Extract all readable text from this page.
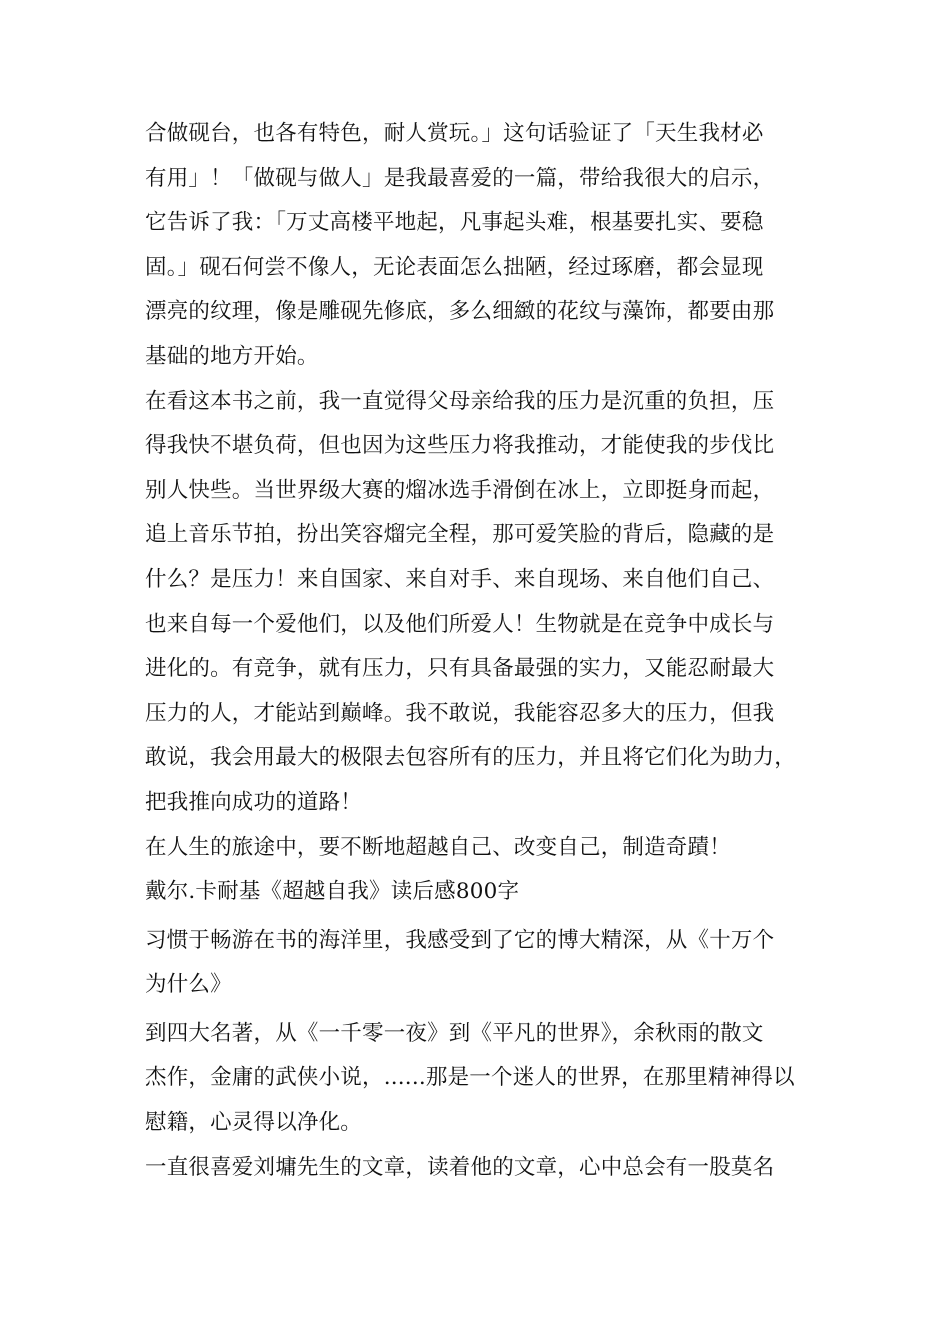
合做砚台，也各有特色，耐人赏玩。」这句话验证了「天生我材必
有用」！「做砚与做人」是我最喜爱的一篇，带给我很大的启示，
它告诉了我：「万丈高楼平地起，凡事起头难，根基要扎实、要稳
固。」砚石何尝不像人，无论表面怎么拙陋，经过琢磨，都会显现
漂亮的纹理，像是雕砚先修底，多么细緻的花纹与藻饰，都要由那
基础的地方开始。
在看这本书之前，我一直觉得父母亲给我的压力是沉重的负担，压
得我快不堪负荷，但也因为这些压力将我推动，才能使我的步伐比
别人快些。当世界级大赛的熘冰选手滑倒在冰上，立即挺身而起，
追上音乐节拍，扮出笑容熘完全程，那可爱笑脸的背后，隐藏的是
什么？是压力！来自国家、来自对手、来自现场、来自他们自己、
也来自每一个爱他们，以及他们所爱人！生物就是在竞争中成长与
进化的。有竞争，就有压力，只有具备最强的实力，又能忍耐最大
压力的人，才能站到巅峰。我不敢说，我能容忍多大的压力，但我
敢说，我会用最大的极限去包容所有的压力，并且将它们化为助力，
把我推向成功的道路！
在人生的旅途中，要不断地超越自己、改变自己，制造奇蹟！
戴尔.卡耐基《超越自我》读后感800字
习惯于畅游在书的海洋里，我感受到了它的博大精深，从《十万个
为什么》
到四大名著，从《一千零一夜》到《平凡的世界》，余秋雨的散文
杰作，金庸的武侠小说，......那是一个迷人的世界，在那里精神得以
慰籍，心灵得以净化。
一直很喜爱刘墉先生的文章，读着他的文章，心中总会有一股莫名
